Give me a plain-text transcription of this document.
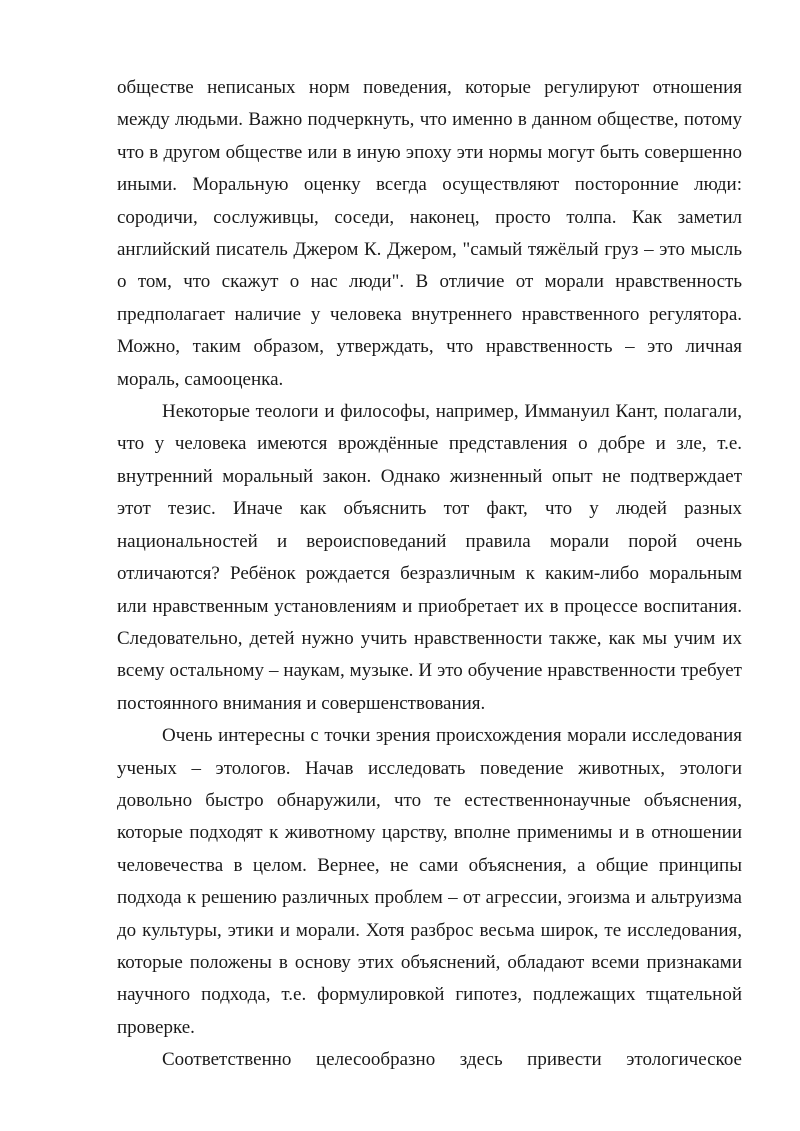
обществе неписаных норм поведения, которые регулируют отношения между людьми. Важно подчеркнуть, что именно в данном обществе, потому что в другом обществе или в иную эпоху эти нормы могут быть совершенно иными. Моральную оценку всегда осуществляют посторонние люди: сородичи, сослуживцы, соседи, наконец, просто толпа. Как заметил английский писатель Джером К. Джером, "самый тяжёлый груз – это мысль о том, что скажут о нас люди". В отличие от морали нравственность предполагает наличие у человека внутреннего нравственного регулятора. Можно, таким образом, утверждать, что нравственность – это личная мораль, самооценка.

Некоторые теологи и философы, например, Иммануил Кант, полагали, что у человека имеются врождённые представления о добре и зле, т.е. внутренний моральный закон. Однако жизненный опыт не подтверждает этот тезис. Иначе как объяснить тот факт, что у людей разных национальностей и вероисповеданий правила морали порой очень отличаются? Ребёнок рождается безразличным к каким-либо моральным или нравственным установлениям и приобретает их в процессе воспитания. Следовательно, детей нужно учить нравственности также, как мы учим их всему остальному – наукам, музыке. И это обучение нравственности требует постоянного внимания и совершенствования.

Очень интересны с точки зрения происхождения морали исследования ученых – этологов. Начав исследовать поведение животных, этологи довольно быстро обнаружили, что те естественнонаучные объяснения, которые подходят к животному царству, вполне применимы и в отношении человечества в целом. Вернее, не сами объяснения, а общие принципы подхода к решению различных проблем – от агрессии, эгоизма и альтруизма до культуры, этики и морали. Хотя разброс весьма широк, те исследования, которые положены в основу этих объяснений, обладают всеми признаками научного подхода, т.е. формулировкой гипотез, подлежащих тщательной проверке.

Соответственно целесообразно здесь привести этологическое
